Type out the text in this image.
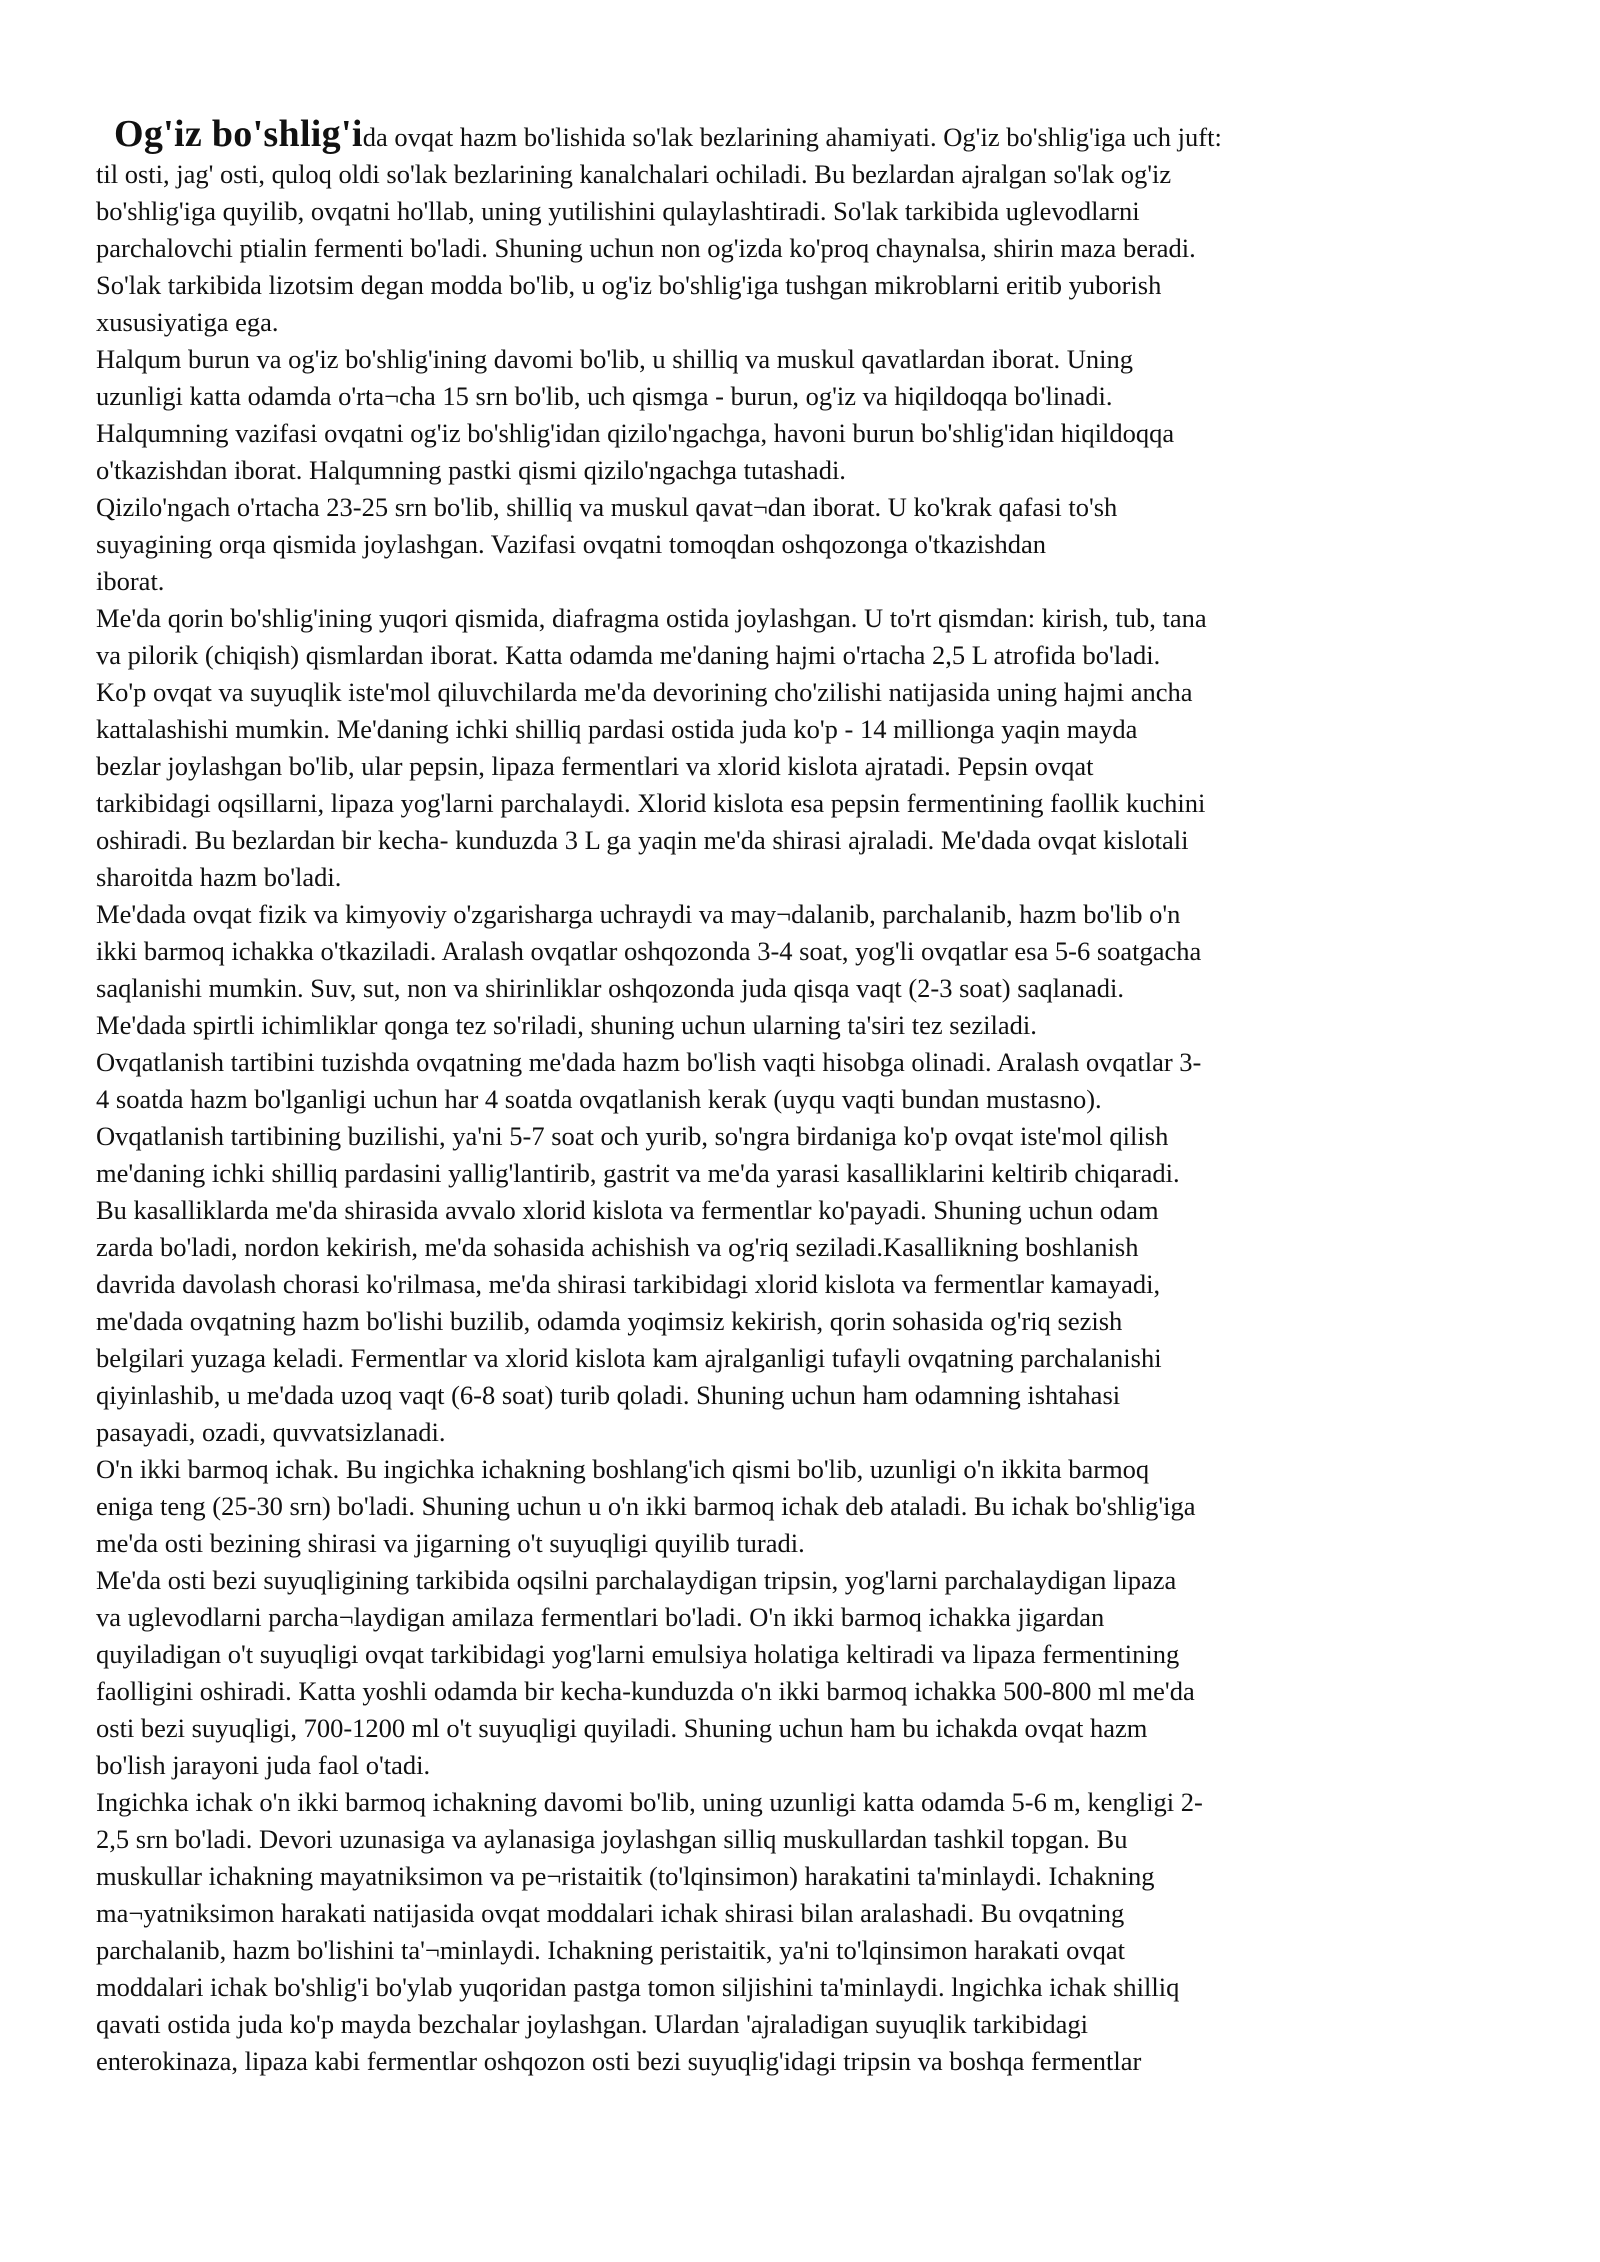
Og'iz bo'shlig'ida ovqat hazm bo'lishida so'lak bezlarining ahamiyati. Og'iz bo'shlig'iga uch juft:
til osti, jag' osti, quloq oldi so'lak bezlarining kanalchalari ochiladi. Bu bezlardan ajralgan so'lak og'iz
bo'shlig'iga quyilib, ovqatni ho'llab, uning yutilishini qulaylashtiradi. So'lak tarkibida uglevodlarni
parchalovchi ptialin fermenti bo'ladi. Shuning uchun non og'izda ko'proq chaynalsa, shirin maza beradi.
So'lak tarkibida lizotsim degan modda bo'lib, u og'iz bo'shlig'iga tushgan mikroblarni eritib yuborish
xususiyatiga ega.

Halqum burun va og'iz bo'shlig'ining davomi bo'lib, u shilliq va muskul qavatlardan iborat. Uning
uzunligi katta odamda o'rta¬cha 15 srn bo'lib, uch qismga - burun, og'iz va hiqildoqqa bo'linadi.
Halqumning vazifasi ovqatni og'iz bo'shlig'idan qizilo'ngachga, havoni burun bo'shlig'idan hiqildoqqa
o'tkazishdan iborat. Halqumning pastki qismi qizilo'ngachga tutashadi.

Qizilo'ngach o'rtacha 23-25 srn bo'lib, shilliq va muskul qavat¬dan iborat. U ko'krak qafasi to'sh
suyagining orqa qismida joylashgan. Vazifasi ovqatni tomoqdan oshqozonga o'tkazishdan
iborat.

Me'da qorin bo'shlig'ining yuqori qismida, diafragma ostida joylashgan. U to'rt qismdan: kirish, tub, tana
va pilorik (chiqish) qismlardan iborat. Katta odamda me'daning hajmi o'rtacha 2,5 L atrofida bo'ladi.
Ko'p ovqat va suyuqlik iste'mol qiluvchilarda me'da devorining cho'zilishi natijasida uning hajmi ancha
kattalashishi mumkin. Me'daning ichki shilliq pardasi ostida juda ko'p - 14 millionga yaqin mayda
bezlar joylashgan bo'lib, ular pepsin, lipaza fermentlari va xlorid kislota ajratadi. Pepsin ovqat
tarkibidagi oqsillarni, lipaza yog'larni parchalaydi. Xlorid kislota esa pepsin fermentining faollik kuchini
oshiradi. Bu bezlardan bir kecha- kunduzda 3 L ga yaqin me'da shirasi ajraladi. Me'dada ovqat kislotali
sharoitda hazm bo'ladi.

Me'dada ovqat fizik va kimyoviy o'zgarisharga uchraydi va may¬dalanib, parchalanib, hazm bo'lib o'n
ikki barmoq ichakka o'tkaziladi. Aralash ovqatlar oshqozonda 3-4 soat, yog'li ovqatlar esa 5-6 soatgacha
saqlanishi mumkin. Suv, sut, non va shirinliklar oshqozonda juda qisqa vaqt (2-3 soat) saqlanadi.
Me'dada spirtli ichimliklar qonga tez so'riladi, shuning uchun ularning ta'siri tez seziladi.

Ovqatlanish tartibini tuzishda ovqatning me'dada hazm bo'lish vaqti hisobga olinadi. Aralash ovqatlar 3-
4 soatda hazm bo'lganligi uchun har 4 soatda ovqatlanish kerak (uyqu vaqti bundan mustasno).
Ovqatlanish tartibining buzilishi, ya'ni 5-7 soat och yurib, so'ngra birdaniga ko'p ovqat iste'mol qilish
me'daning ichki shilliq pardasini yallig'lantirib, gastrit va me'da yarasi kasalliklarini keltirib chiqaradi.
Bu kasalliklarda me'da shirasida avvalo xlorid kislota va fermentlar ko'payadi. Shuning uchun odam
zarda bo'ladi, nordon kekirish, me'da sohasida achishish va og'riq seziladi.Kasallikning boshlanish
davrida davolash chorasi ko'rilmasa, me'da shirasi tarkibidagi xlorid kislota va fermentlar kamayadi,
me'dada ovqatning hazm bo'lishi buzilib, odamda yoqimsiz kekirish, qorin sohasida og'riq sezish
belgilari yuzaga keladi. Fermentlar va xlorid kislota kam ajralganligi tufayli ovqatning parchalanishi
qiyinlashib, u me'dada uzoq vaqt (6-8 soat) turib qoladi. Shuning uchun ham odamning ishtahasi
pasayadi, ozadi, quvvatsizlanadi.

O'n ikki barmoq ichak. Bu ingichka ichakning boshlang'ich qismi bo'lib, uzunligi o'n ikkita barmoq
eniga teng (25-30 srn) bo'ladi. Shuning uchun u o'n ikki barmoq ichak deb ataladi. Bu ichak bo'shlig'iga
me'da osti bezining shirasi va jigarning o't suyuqligi quyilib turadi.

Me'da osti bezi suyuqligining tarkibida oqsilni parchalaydigan tripsin, yog'larni parchalaydigan lipaza
va uglevodlarni parcha¬laydigan amilaza fermentlari bo'ladi. O'n ikki barmoq ichakka jigardan
quyiladigan o't suyuqligi ovqat tarkibidagi yog'larni emulsiya holatiga keltiradi va lipaza fermentining
faolligini oshiradi. Katta yoshli odamda bir kecha-kunduzda o'n ikki barmoq ichakka 500-800 ml me'da
osti bezi suyuqligi, 700-1200 ml o't suyuqligi quyiladi. Shuning uchun ham bu ichakda ovqat hazm
bo'lish jarayoni juda faol o'tadi.

Ingichka ichak o'n ikki barmoq ichakning davomi bo'lib, uning uzunligi katta odamda 5-6 m, kengligi 2-
2,5 srn bo'ladi. Devori uzunasiga va aylanasiga joylashgan silliq muskullardan tashkil topgan. Bu
muskullar ichakning mayatniksimon va pe¬ristaitik (to'lqinsimon) harakatini ta'minlaydi. Ichakning
ma¬yatniksimon harakati natijasida ovqat moddalari ichak shirasi bilan aralashadi. Bu ovqatning
parchalanib, hazm bo'lishini ta'¬minlaydi. Ichakning peristaitik, ya'ni to'lqinsimon harakati ovqat
moddalari ichak bo'shlig'i bo'ylab yuqoridan pastga tomon siljishini ta'minlaydi. lngichka ichak shilliq
qavati ostida juda ko'p mayda bezchalar joylashgan. Ulardan 'ajraladigan suyuqlik tarkibidagi
enterokinaza, lipaza kabi fermentlar oshqozon osti bezi suyuqlig'idagi tripsin va boshqa fermentlar
